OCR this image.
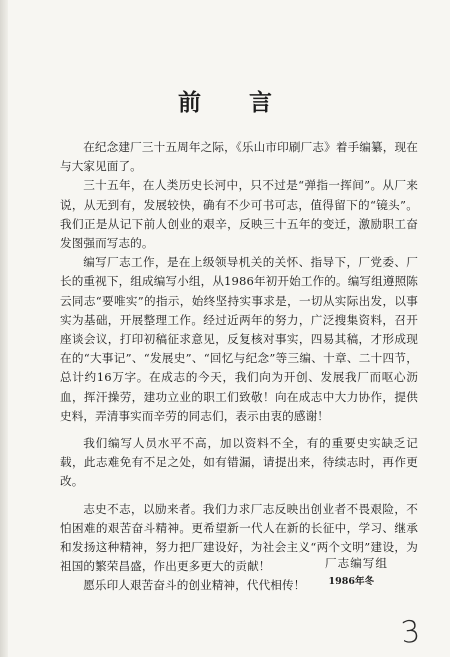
前 言

在纪念建厂三十五周年之际，《乐山市印刷厂志》着手编纂，现在与大家见面了。

三十五年，在人类历史长河中，只不过是“弹指一挥间”。从厂来说，从无到有，发展较快，确有不少可书可志，值得留下的“镜头”。我们正是从记下前人创业的艰辛，反映三十五年的变迁，激励职工奋发图强而写志的。

编写厂志工作，是在上级领导机关的关怀、指导下，厂党委、厂长的重视下，组成编写小组，从1986年初开始工作的。编写组遵照陈云同志“要唯实”的指示，始终坚持实事求是，一切从实际出发，以事实为基础，开展整理工作。经过近两年的努力，广泛搜集资料，召开座谈会议，打印初稿征求意见，反复核对事实，四易其稿，才形成现在的“大事记”、“发展史”、“回忆与纪念”等三编、十章、二十四节，总计约16万字。在成志的今天，我们向为开创、发展我厂而呕心沥血，挥汗操劳，建功立业的职工们致敬！向在成志中大力协作，提供史料，弄清事实而辛劳的同志们，表示由衷的感谢！

我们编写人员水平不高，加以资料不全，有的重要史实缺乏记载，此志难免有不足之处，如有错漏，请提出来，待续志时，再作更改。

志史不志，以励来者。我们力求厂志反映出创业者不畏艰险，不怕困难的艰苦奋斗精神。更希望新一代人在新的长征中，学习、继承和发扬这种精神，努力把厂建设好，为社会主义“两个文明”建设，为祖国的繁荣昌盛，作出更多更大的贡献！

愿乐印人艰苦奋斗的创业精神，代代相传！

厂志编写组
1986年冬
3
